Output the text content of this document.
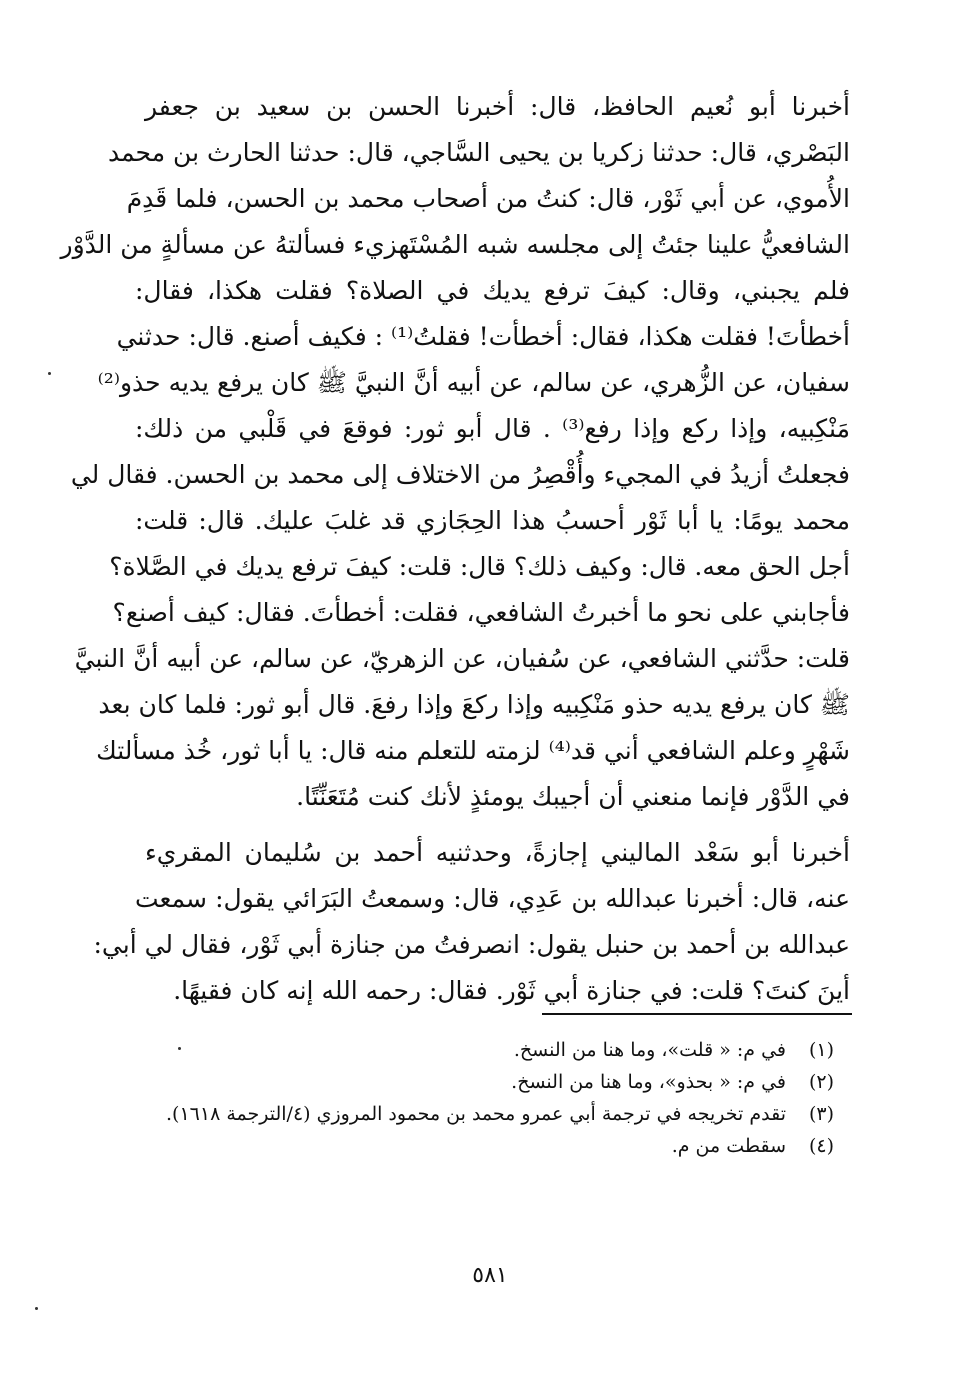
أخبرنا أبو نُعيم الحافظ، قال: أخبرنا الحسن بن سعيد بن جعفر
البَصْري، قال: حدثنا زكريا بن يحيى السَّاجي، قال: حدثنا الحارث بن محمد
الأُموي، عن أبي ثَوْر، قال: كنتُ من أصحاب محمد بن الحسن، فلما قَدِمَ
الشافعيُّ علينا جئتُ إلى مجلسه شبه المُسْتَهزيء فسألتهُ عن مسألةٍ من الدَّوْر
فلم يجبني، وقال: كيفَ ترفع يديك في الصلاة؟ فقلت هكذا، فقال:
أخطأتَ! فقلت هكذا، فقال: أخطأت! فقلتُ⁽¹⁾ : فكيف أصنع. قال: حدثني
سفيان، عن الزُّهري، عن سالم، عن أبيه أنَّ النبيَّ ﷺ كان يرفع يديه حذو⁽²⁾
مَنْكِبيه، وإذا ركع وإذا رفع⁽³⁾ . قال أبو ثور: فوقعَ في قَلْبي من ذلك:
فجعلتُ أزيدُ في المجيء وأُقْصِرُ من الاختلاف إلى محمد بن الحسن. فقال لي
محمد يومًا: يا أبا ثَوْر أحسبُ هذا الحِجَازي قد غلبَ عليك. قال: قلت:
أجل الحق معه. قال: وكيف ذلك؟ قال: قلت: كيفَ ترفع يديك في الصَّلاة؟
فأجابني على نحو ما أخبرتُ الشافعي، فقلت: أخطأتَ. فقال: كيف أصنع؟
قلت: حدَّثني الشافعي، عن سُفيان، عن الزهريّ، عن سالم، عن أبيه أنَّ النبيَّ
ﷺ كان يرفع يديه حذو مَنْكِبيه وإذا ركعَ وإذا رفعَ. قال أبو ثور: فلما كان بعد
شَهْرٍ وعلم الشافعي أني قد⁽⁴⁾ لزمته للتعلم منه قال: يا أبا ثور، خُذ مسألتك
في الدَّوْر فإنما منعني أن أجيبك يومئذٍ لأنك كنت مُتَعَنِّتًا.
أخبرنا أبو سَعْد الماليني إجازةً، وحدثنيه أحمد بن سُليمان المقريء
عنه، قال: أخبرنا عبدالله بن عَدِي، قال: وسمعتُ البَرَائي يقول: سمعت
عبدالله بن أحمد بن حنبل يقول: انصرفتُ من جنازة أبي ثَوْر، فقال لي أبي:
أينَ كنتَ؟ قلت: في جنازة أبي ثَوْر. فقال: رحمه الله إنه كان فقيهًا.
(١)في م: « قلت»، وما هنا من النسخ.
(٢)في م: « بحذو»، وما هنا من النسخ.
(٣)تقدم تخريجه في ترجمة أبي عمرو محمد بن محمود المروزي (٤/الترجمة ١٦١٨).
(٤)سقطت من م.
٥٨١
